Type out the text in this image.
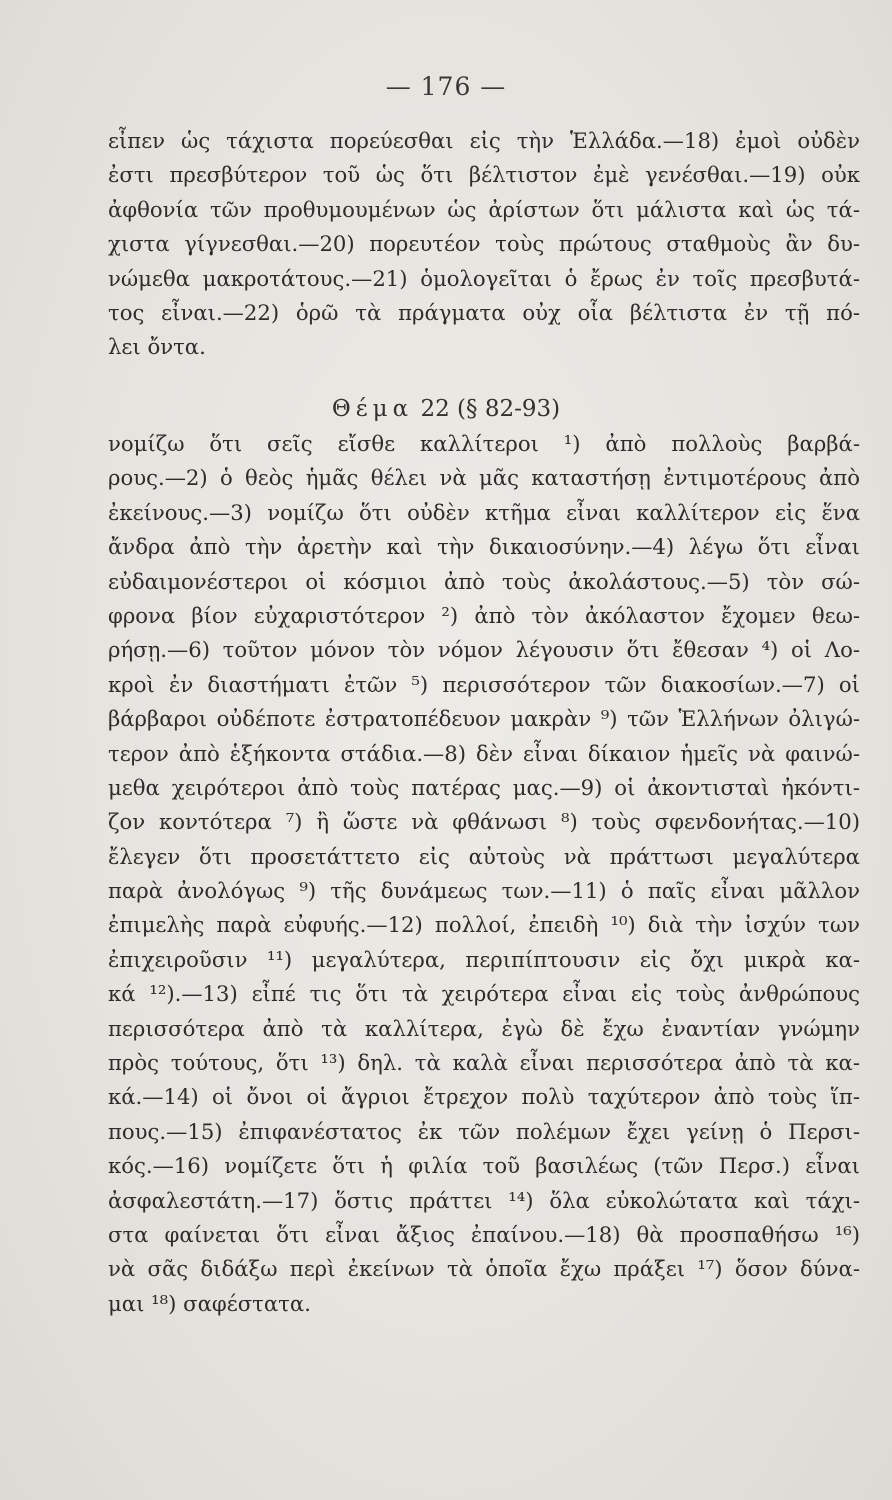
— 176 —
εἶπεν ὡς τάχιστα πορεύεσθαι εἰς τὴν Ἑλλάδα.—18) ἐμοὶ οὐδὲν
ἐστι πρεσβύτερον τοῦ ὡς ὅτι βέλτιστον ἐμὲ γενέσθαι.—19) οὐκ
ἀφθονία τῶν προθυμουμένων ὡς ἀρίστων ὅτι μάλιστα καὶ ὡς τά-
χιστα γίγνεσθαι.—20) πορευτέον τοὺς πρώτους σταθμοὺς ἂν δυ-
νώμεθα μακροτάτους.—21) ὁμολογεῖται ὁ ἔρως ἐν τοῖς πρεσβυτά-
τος εἶναι.—22) ὁρῶ τὰ πράγματα οὐχ οἷα βέλτιστα ἐν τῇ πό-
λει ὄντα.
Θέμα 22 (§ 82-93)
νομίζω ὅτι σεῖς εἴσθε καλλίτεροι ¹) ἀπὸ πολλοὺς βαρβά-
ρους.—2) ὁ θεὸς ἡμᾶς θέλει νὰ μᾶς καταστήσῃ ἐντιμοτέρους ἀπὸ
ἐκείνους.—3) νομίζω ὅτι οὐδὲν κτῆμα εἶναι καλλίτερον εἰς ἕνα
ἄνδρα ἀπὸ τὴν ἀρετὴν καὶ τὴν δικαιοσύνην.—4) λέγω ὅτι εἶναι
εὐδαιμονέστεροι οἱ κόσμιοι ἀπὸ τοὺς ἀκολάστους.—5) τὸν σώ-
φρονα βίον εὐχαριστότερον ²) ἀπὸ τὸν ἀκόλαστον ἔχομεν θεω-
ρήσῃ.—6) τοῦτον μόνον τὸν νόμον λέγουσιν ὅτι ἔθεσαν ⁴) οἱ Λο-
κροὶ ἐν διαστήματι ἐτῶν ⁵) περισσότερον τῶν διακοσίων.—7) οἱ
βάρβαροι οὐδέποτε ἐστρατοπέδευον μακρὰν ⁹) τῶν Ἑλλήνων ὀλιγώ-
τερον ἀπὸ ἑξήκοντα στάδια.—8) δὲν εἶναι δίκαιον ἡμεῖς νὰ φαινώ-
μεθα χειρότεροι ἀπὸ τοὺς πατέρας μας.—9) οἱ ἀκοντισταὶ ἠκόντι-
ζον κοντότερα ⁷) ἢ ὥστε νὰ φθάνωσι ⁸) τοὺς σφενδονήτας.—10)
ἔλεγεν ὅτι προσετάττετο εἰς αὐτοὺς νὰ πράττωσι μεγαλύτερα
παρὰ ἀνολόγως ⁹) τῆς δυνάμεως των.—11) ὁ παῖς εἶναι μᾶλλον
ἐπιμελὴς παρὰ εὐφυής.—12) πολλοί, ἐπειδὴ ¹⁰) διὰ τὴν ἰσχύν των
ἐπιχειροῦσιν ¹¹) μεγαλύτερα, περιπίπτουσιν εἰς ὄχι μικρὰ κα-
κά ¹²).—13) εἶπέ τις ὅτι τὰ χειρότερα εἶναι εἰς τοὺς ἀνθρώπους
περισσότερα ἀπὸ τὰ καλλίτερα, ἐγὼ δὲ ἔχω ἐναντίαν γνώμην
πρὸς τούτους, ὅτι ¹³) δηλ. τὰ καλὰ εἶναι περισσότερα ἀπὸ τὰ κα-
κά.—14) οἱ ὄνοι οἱ ἄγριοι ἔτρεχον πολὺ ταχύτερον ἀπὸ τοὺς ἵπ-
πους.—15) ἐπιφανέστατος ἐκ τῶν πολέμων ἔχει γείνῃ ὁ Περσι-
κός.—16) νομίζετε ὅτι ἡ φιλία τοῦ βασιλέως (τῶν Περσ.) εἶναι
ἀσφαλεστάτη.—17) ὅστις πράττει ¹⁴) ὅλα εὐκολώτατα καὶ τάχι-
στα φαίνεται ὅτι εἶναι ἄξιος ἐπαίνου.—18) θὰ προσπαθήσω ¹⁶)
νὰ σᾶς διδάξω περὶ ἐκείνων τὰ ὁποῖα ἔχω πράξει ¹⁷) ὅσον δύνα-
μαι ¹⁸) σαφέστατα.
